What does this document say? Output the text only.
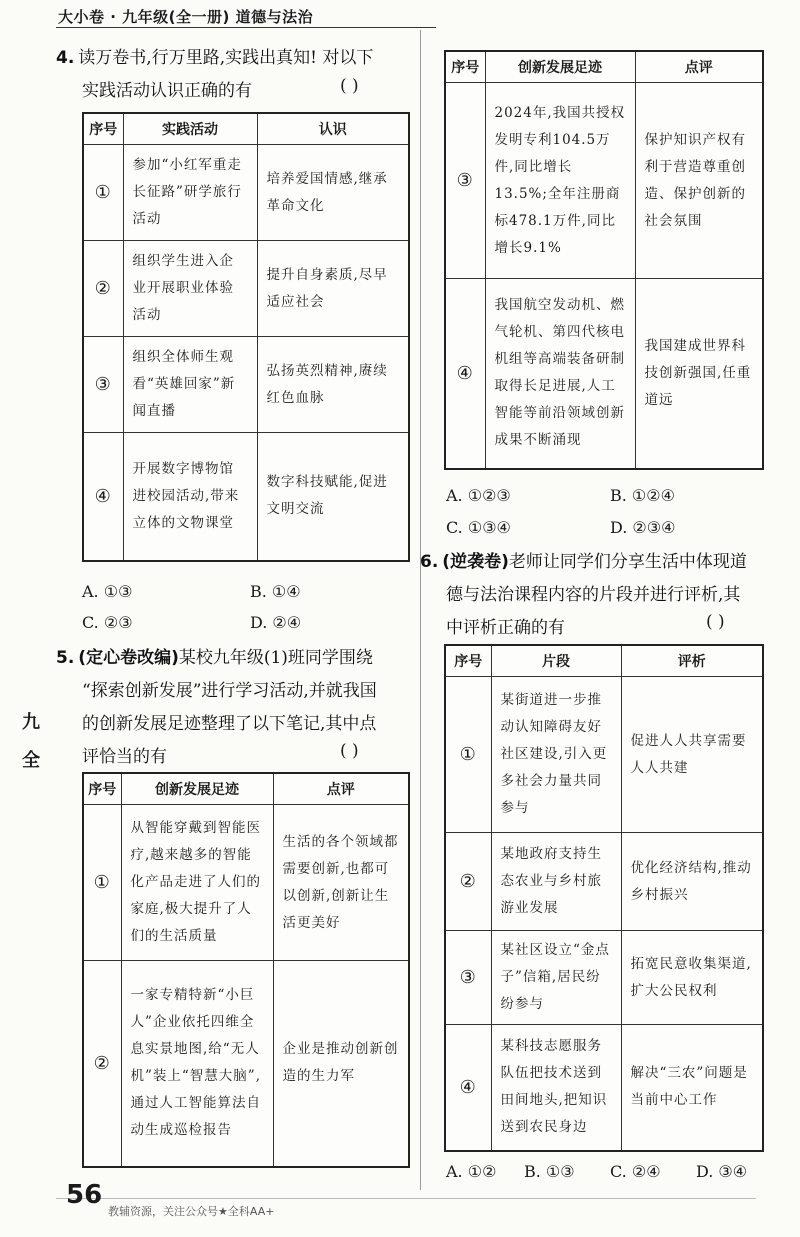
大小卷 · 九年级(全一册) 道德与法治
九
全
4. 读万卷书,行万里路,实践出真知! 对以下
实践活动认识正确的有	( )
序号	实践活动	认识
①	参加“小红军重走长征路”研学旅行活动	培养爱国情感,继承革命文化
②	组织学生进入企业开展职业体验活动	提升自身素质,尽早适应社会
③	组织全体师生观看“英雄回家”新闻直播	弘扬英烈精神,赓续红色血脉
④	开展数字博物馆进校园活动,带来立体的文物课堂	数字科技赋能,促进文明交流
A. ①③	B. ①④
C. ②③	D. ②④
5. (定心卷改编)某校九年级(1)班同学围绕
“探索创新发展”进行学习活动,并就我国
的创新发展足迹整理了以下笔记,其中点
评恰当的有	( )
序号	创新发展足迹	点评
①	从智能穿戴到智能医疗,越来越多的智能化产品走进了人们的家庭,极大提升了人们的生活质量	生活的各个领域都需要创新,也都可以创新,创新让生活更美好
②	一家专精特新“小巨人”企业依托四维全息实景地图,给“无人机”装上“智慧大脑”,通过人工智能算法自动生成巡检报告	企业是推动创新创造的生力军
序号	创新发展足迹	点评
③	2024年,我国共授权发明专利104.5万件,同比增长13.5%;全年注册商标478.1万件,同比增长9.1%	保护知识产权有利于营造尊重创造、保护创新的社会氛围
④	我国航空发动机、燃气轮机、第四代核电机组等高端装备研制取得长足进展,人工智能等前沿领域创新成果不断涌现	我国建成世界科技创新强国,任重道远
A. ①②③	B. ①②④
C. ①③④	D. ②③④
6. (逆袭卷)老师让同学们分享生活中体现道
德与法治课程内容的片段并进行评析,其
中评析正确的有	( )
序号	片段	评析
①	某街道进一步推动认知障碍友好社区建设,引入更多社会力量共同参与	促进人人共享需要人人共建
②	某地政府支持生态农业与乡村旅游业发展	优化经济结构,推动乡村振兴
③	某社区设立“金点子”信箱,居民纷纷参与	拓宽民意收集渠道,扩大公民权利
④	某科技志愿服务队伍把技术送到田间地头,把知识送到农民身边	解决“三农”问题是当前中心工作
A. ①② B. ①③ C. ②④ D. ③④
56
教辅资源，关注公众号★全科AA+
